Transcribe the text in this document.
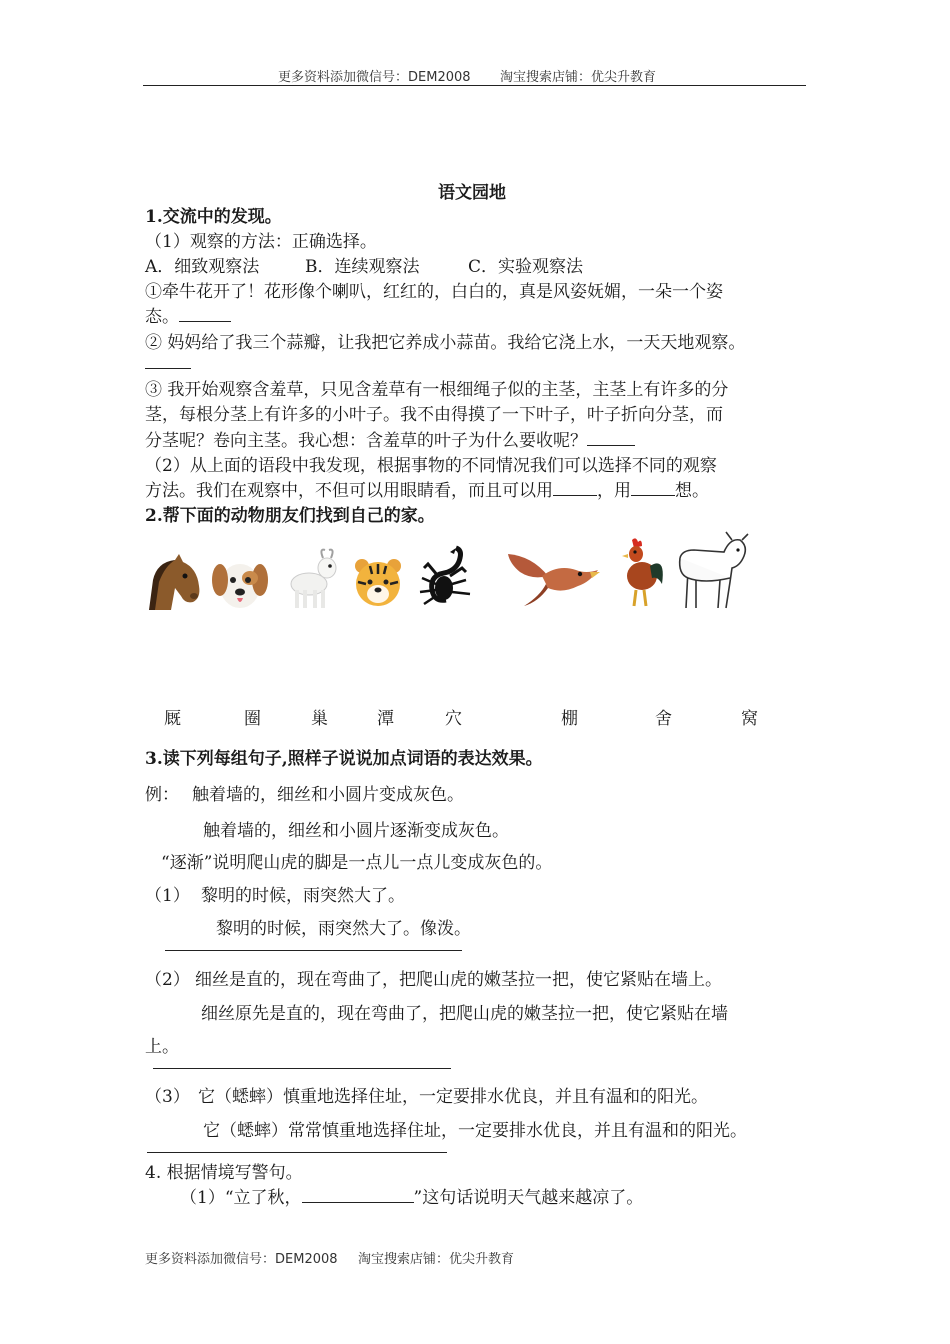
更多资料添加微信号：DEM2008 淘宝搜索店铺：优尖升教育
语文园地
1.交流中的发现。
（1）观察的方法：正确选择。
A．细致观察法	B．连续观察法	C．实验观察法
①牵牛花开了！花形像个喇叭，红红的，白白的，真是风姿妩媚，一朵一个姿
态。
② 妈妈给了我三个蒜瓣，让我把它养成小蒜苗。我给它浇上水，一天天地观察。
③ 我开始观察含羞草，只见含羞草有一根细绳子似的主茎，主茎上有许多的分
茎，每根分茎上有许多的小叶子。我不由得摸了一下叶子，叶子折向分茎，而
分茎呢？卷向主茎。我心想：含羞草的叶子为什么要收呢？
（2）从上面的语段中我发现，根据事物的不同情况我们可以选择不同的观察
方法。我们在观察中，不但可以用眼睛看，而且可以用	，用	想。
2.帮下面的动物朋友们找到自己的家。
厩	圈	巢	潭	穴	棚	舍	窝
3.读下列每组句子,照样子说说加点词语的表达效果。
例： 触着墙的，细丝和小圆片变成灰色。
触着墙的，细丝和小圆片逐渐变成灰色。
“逐渐”说明爬山虎的脚是一点儿一点儿变成灰色的。
（1） 黎明的时候，雨突然大了。
黎明的时候，雨突然大了。像泼。
（2） 细丝是直的，现在弯曲了，把爬山虎的嫩茎拉一把，使它紧贴在墙上。
细丝原先是直的，现在弯曲了，把爬山虎的嫩茎拉一把，使它紧贴在墙
上。
（3） 它（蟋蟀）慎重地选择住址，一定要排水优良，并且有温和的阳光。
它（蟋蟀）常常慎重地选择住址，一定要排水优良，并且有温和的阳光。
4. 根据情境写警句。
（1）“立了秋，	”这句话说明天气越来越凉了。
更多资料添加微信号：DEM2008 淘宝搜索店铺：优尖升教育
